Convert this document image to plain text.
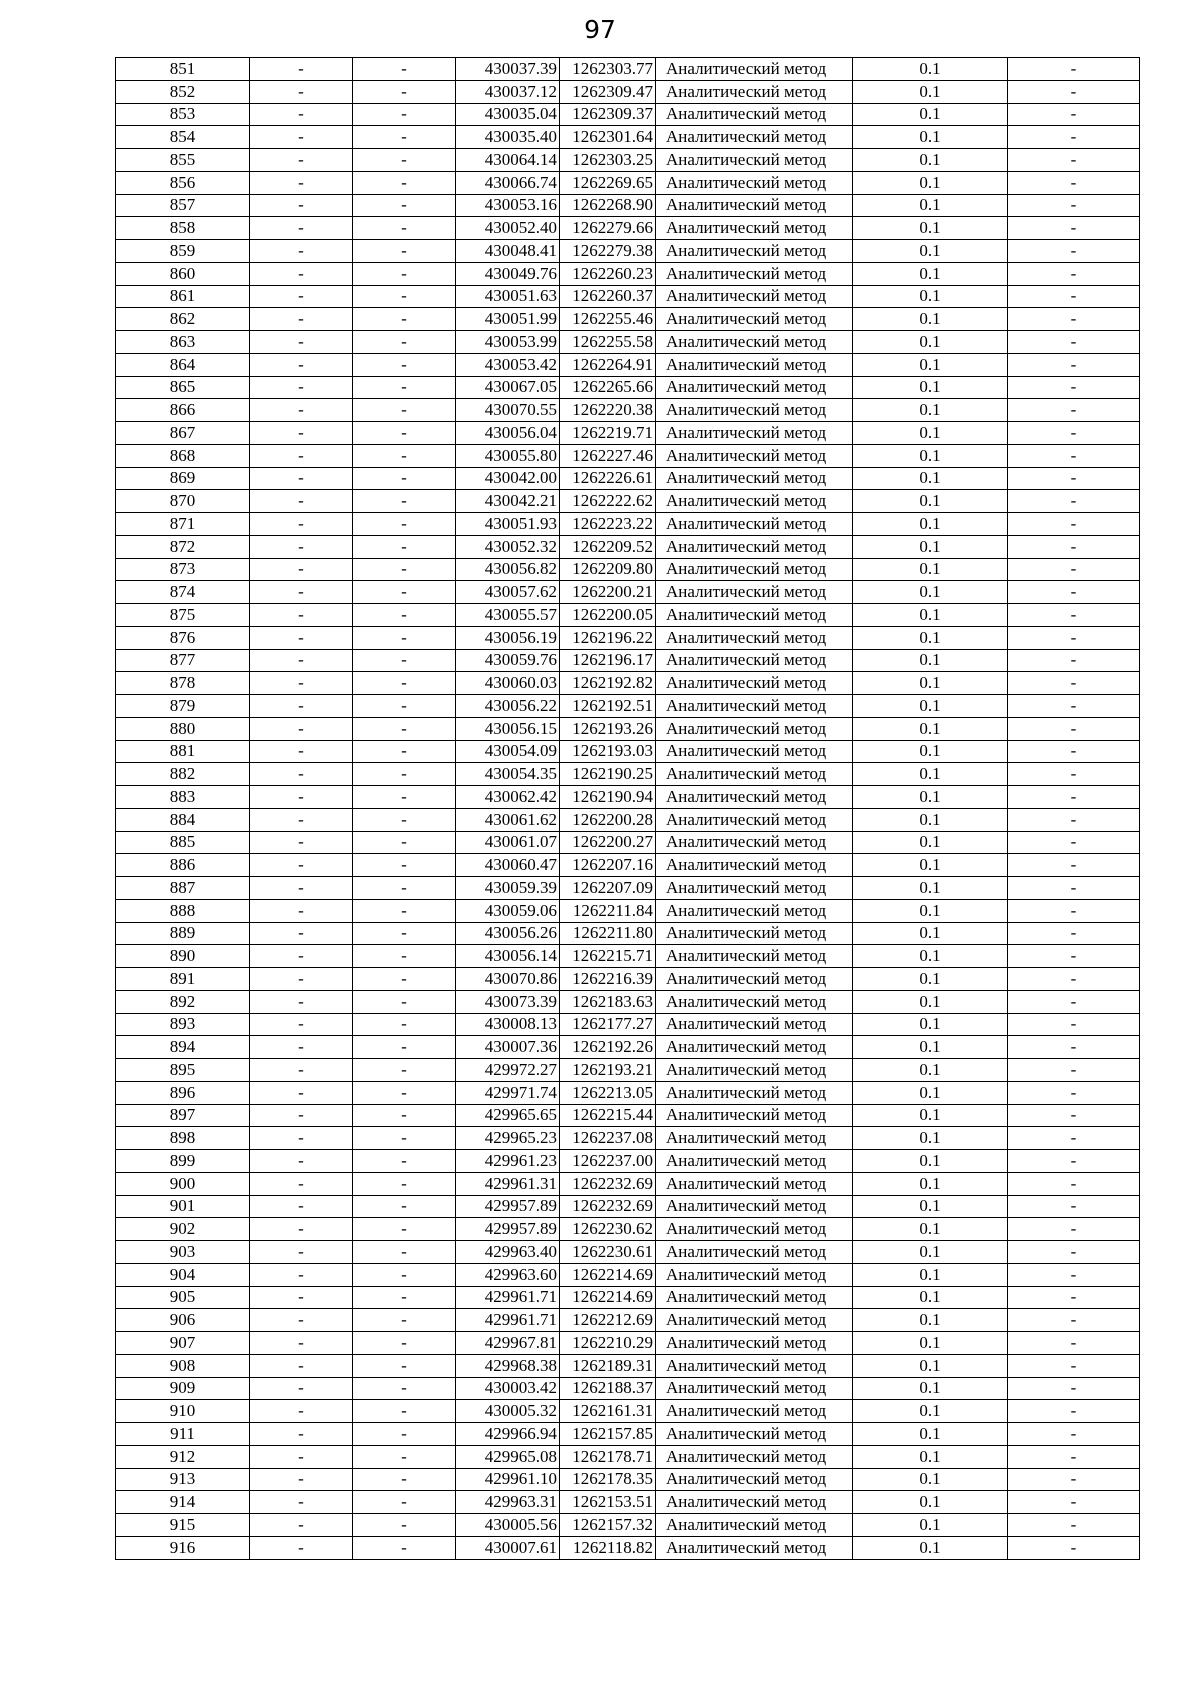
97
851	-	-	430037.39	1262303.77	Аналитический метод	0.1	-
852	-	-	430037.12	1262309.47	Аналитический метод	0.1	-
853	-	-	430035.04	1262309.37	Аналитический метод	0.1	-
854	-	-	430035.40	1262301.64	Аналитический метод	0.1	-
855	-	-	430064.14	1262303.25	Аналитический метод	0.1	-
856	-	-	430066.74	1262269.65	Аналитический метод	0.1	-
857	-	-	430053.16	1262268.90	Аналитический метод	0.1	-
858	-	-	430052.40	1262279.66	Аналитический метод	0.1	-
859	-	-	430048.41	1262279.38	Аналитический метод	0.1	-
860	-	-	430049.76	1262260.23	Аналитический метод	0.1	-
861	-	-	430051.63	1262260.37	Аналитический метод	0.1	-
862	-	-	430051.99	1262255.46	Аналитический метод	0.1	-
863	-	-	430053.99	1262255.58	Аналитический метод	0.1	-
864	-	-	430053.42	1262264.91	Аналитический метод	0.1	-
865	-	-	430067.05	1262265.66	Аналитический метод	0.1	-
866	-	-	430070.55	1262220.38	Аналитический метод	0.1	-
867	-	-	430056.04	1262219.71	Аналитический метод	0.1	-
868	-	-	430055.80	1262227.46	Аналитический метод	0.1	-
869	-	-	430042.00	1262226.61	Аналитический метод	0.1	-
870	-	-	430042.21	1262222.62	Аналитический метод	0.1	-
871	-	-	430051.93	1262223.22	Аналитический метод	0.1	-
872	-	-	430052.32	1262209.52	Аналитический метод	0.1	-
873	-	-	430056.82	1262209.80	Аналитический метод	0.1	-
874	-	-	430057.62	1262200.21	Аналитический метод	0.1	-
875	-	-	430055.57	1262200.05	Аналитический метод	0.1	-
876	-	-	430056.19	1262196.22	Аналитический метод	0.1	-
877	-	-	430059.76	1262196.17	Аналитический метод	0.1	-
878	-	-	430060.03	1262192.82	Аналитический метод	0.1	-
879	-	-	430056.22	1262192.51	Аналитический метод	0.1	-
880	-	-	430056.15	1262193.26	Аналитический метод	0.1	-
881	-	-	430054.09	1262193.03	Аналитический метод	0.1	-
882	-	-	430054.35	1262190.25	Аналитический метод	0.1	-
883	-	-	430062.42	1262190.94	Аналитический метод	0.1	-
884	-	-	430061.62	1262200.28	Аналитический метод	0.1	-
885	-	-	430061.07	1262200.27	Аналитический метод	0.1	-
886	-	-	430060.47	1262207.16	Аналитический метод	0.1	-
887	-	-	430059.39	1262207.09	Аналитический метод	0.1	-
888	-	-	430059.06	1262211.84	Аналитический метод	0.1	-
889	-	-	430056.26	1262211.80	Аналитический метод	0.1	-
890	-	-	430056.14	1262215.71	Аналитический метод	0.1	-
891	-	-	430070.86	1262216.39	Аналитический метод	0.1	-
892	-	-	430073.39	1262183.63	Аналитический метод	0.1	-
893	-	-	430008.13	1262177.27	Аналитический метод	0.1	-
894	-	-	430007.36	1262192.26	Аналитический метод	0.1	-
895	-	-	429972.27	1262193.21	Аналитический метод	0.1	-
896	-	-	429971.74	1262213.05	Аналитический метод	0.1	-
897	-	-	429965.65	1262215.44	Аналитический метод	0.1	-
898	-	-	429965.23	1262237.08	Аналитический метод	0.1	-
899	-	-	429961.23	1262237.00	Аналитический метод	0.1	-
900	-	-	429961.31	1262232.69	Аналитический метод	0.1	-
901	-	-	429957.89	1262232.69	Аналитический метод	0.1	-
902	-	-	429957.89	1262230.62	Аналитический метод	0.1	-
903	-	-	429963.40	1262230.61	Аналитический метод	0.1	-
904	-	-	429963.60	1262214.69	Аналитический метод	0.1	-
905	-	-	429961.71	1262214.69	Аналитический метод	0.1	-
906	-	-	429961.71	1262212.69	Аналитический метод	0.1	-
907	-	-	429967.81	1262210.29	Аналитический метод	0.1	-
908	-	-	429968.38	1262189.31	Аналитический метод	0.1	-
909	-	-	430003.42	1262188.37	Аналитический метод	0.1	-
910	-	-	430005.32	1262161.31	Аналитический метод	0.1	-
911	-	-	429966.94	1262157.85	Аналитический метод	0.1	-
912	-	-	429965.08	1262178.71	Аналитический метод	0.1	-
913	-	-	429961.10	1262178.35	Аналитический метод	0.1	-
914	-	-	429963.31	1262153.51	Аналитический метод	0.1	-
915	-	-	430005.56	1262157.32	Аналитический метод	0.1	-
916	-	-	430007.61	1262118.82	Аналитический метод	0.1	-
